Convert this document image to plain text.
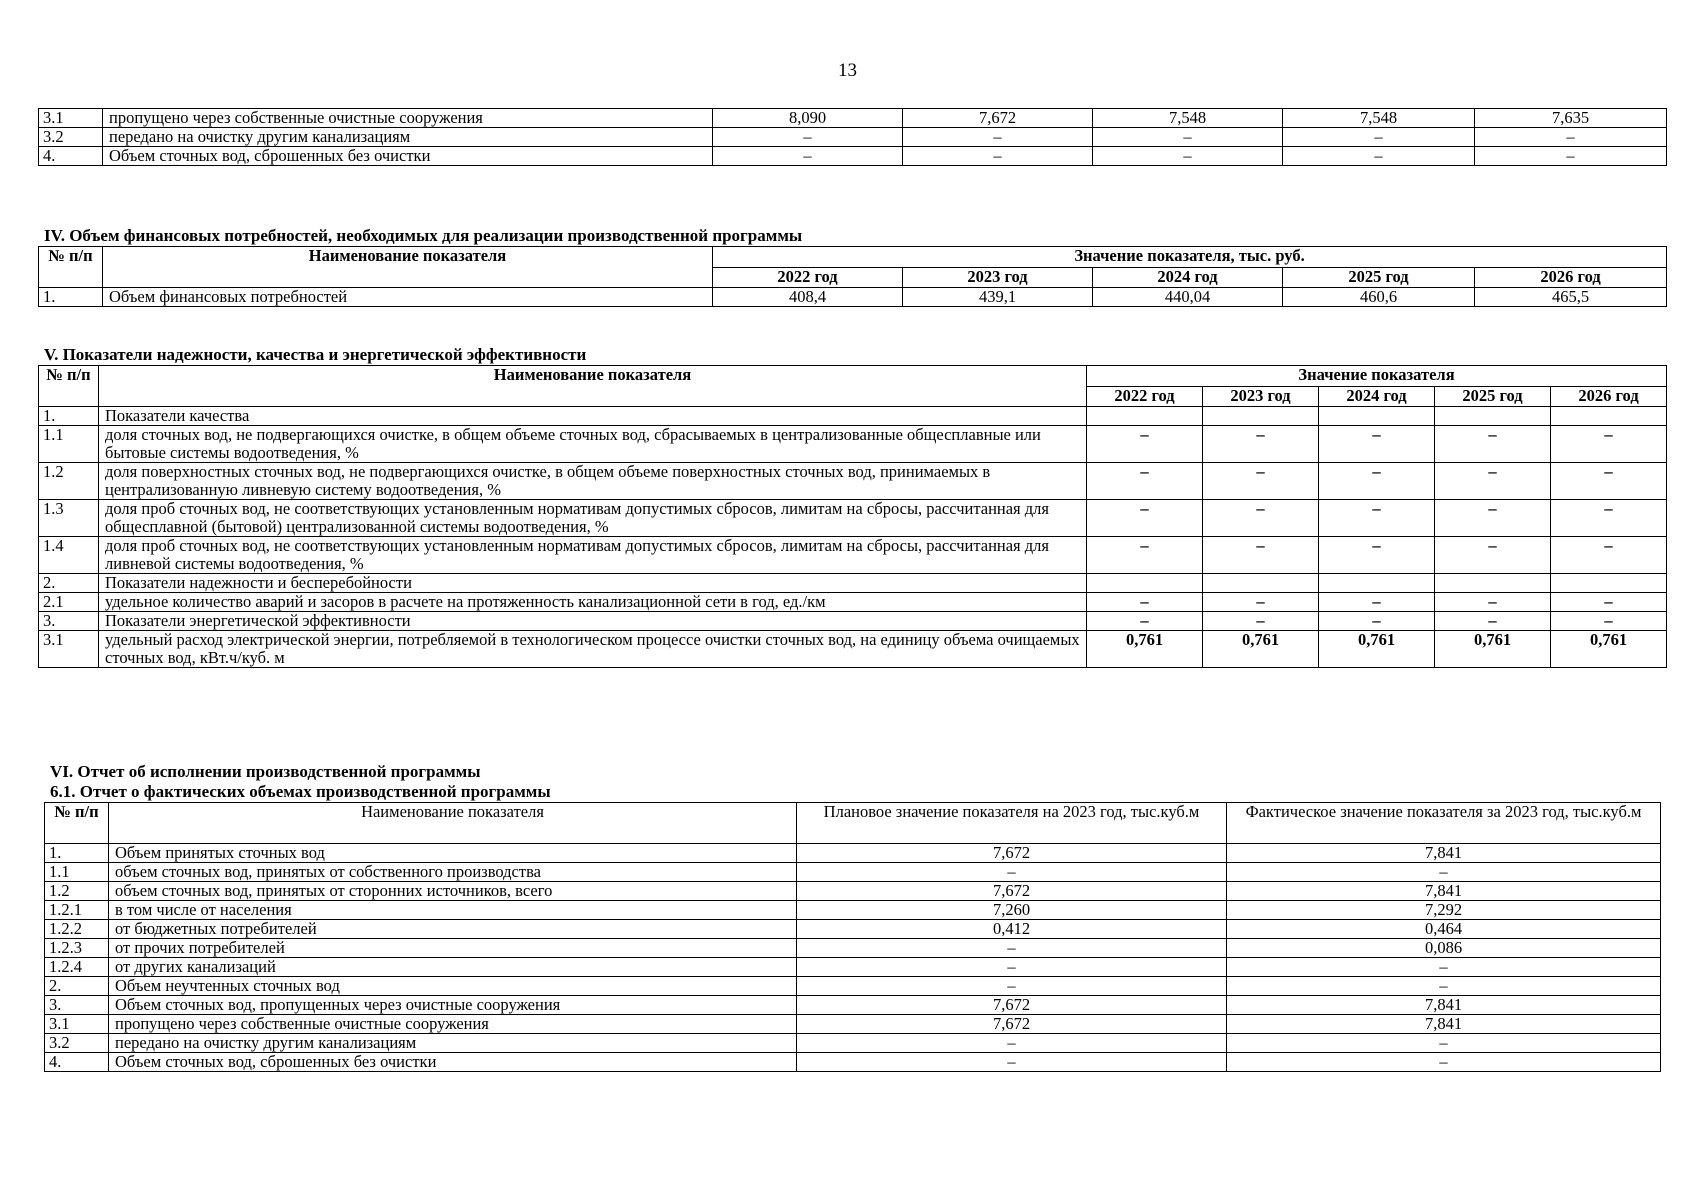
13
3.1	пропущено через собственные очистные сооружения	8,090	7,672	7,548	7,548	7,635
3.2	передано на очистку другим канализациям	–	–	–	–	–
4.	Объем сточных вод, сброшенных без очистки	–	–	–	–	–

IV. Объем финансовых потребностей, необходимых для реализации производственной программы

№ п/п	Наименование показателя	Значение показателя, тыс. руб.				
		2022 год	2023 год	2024 год	2025 год	2026 год
1.	Объем финансовых потребностей	408,4	439,1	440,04	460,6	465,5

V. Показатели надежности, качества и энергетической эффективности

№ п/п	Наименование показателя	Значение показателя				
		2022 год	2023 год	2024 год	2025 год	2026 год
1.	Показатели качества					
1.1	доля сточных вод, не подвергающихся очистке, в общем объеме сточных вод, сбрасываемых в централизованные общесплавные или бытовые системы водоотведения, %	–	–	–	–	–
1.2	доля поверхностных сточных вод, не подвергающихся очистке, в общем объеме поверхностных сточных вод, принимаемых в централизованную ливневую систему водоотведения, %	–	–	–	–	–
1.3	доля проб сточных вод, не соответствующих установленным нормативам допустимых сбросов, лимитам на сбросы, рассчитанная для общесплавной (бытовой) централизованной системы водоотведения, %	–	–	–	–	–
1.4	доля проб сточных вод, не соответствующих установленным нормативам допустимых сбросов, лимитам на сбросы, рассчитанная для ливневой системы водоотведения, %	–	–	–	–	–
2.	Показатели надежности и бесперебойности					
2.1	удельное количество аварий и засоров в расчете на протяженность канализационной сети в год, ед./км	–	–	–	–	–
3.	Показатели энергетической эффективности	–	–	–	–	–
3.1	удельный расход электрической энергии, потребляемой в технологическом процессе очистки сточных вод, на единицу объема очищаемых сточных вод, кВт.ч/куб. м	0,761	0,761	0,761	0,761	0,761

VI. Отчет об исполнении производственной программы

6.1. Отчет о фактических объемах производственной программы

№ п/п	Наименование показателя	Плановое значение показателя на 2023 год, тыс.куб.м	Фактическое значение показателя за 2023 год, тыс.куб.м
1.	Объем принятых сточных вод	7,672	7,841
1.1	объем сточных вод, принятых от собственного производства	–	–
1.2	объем сточных вод, принятых от сторонних источников, всего	7,672	7,841
1.2.1	в том числе от населения	7,260	7,292
1.2.2	от бюджетных потребителей	0,412	0,464
1.2.3	от прочих потребителей	–	0,086
1.2.4	от других канализаций	–	–
2.	Объем неучтенных сточных вод	–	–
3.	Объем сточных вод, пропущенных через очистные сооружения	7,672	7,841
3.1	пропущено через собственные очистные сооружения	7,672	7,841
3.2	передано на очистку другим канализациям	–	–
4.	Объем сточных вод, сброшенных без очистки	–	–
